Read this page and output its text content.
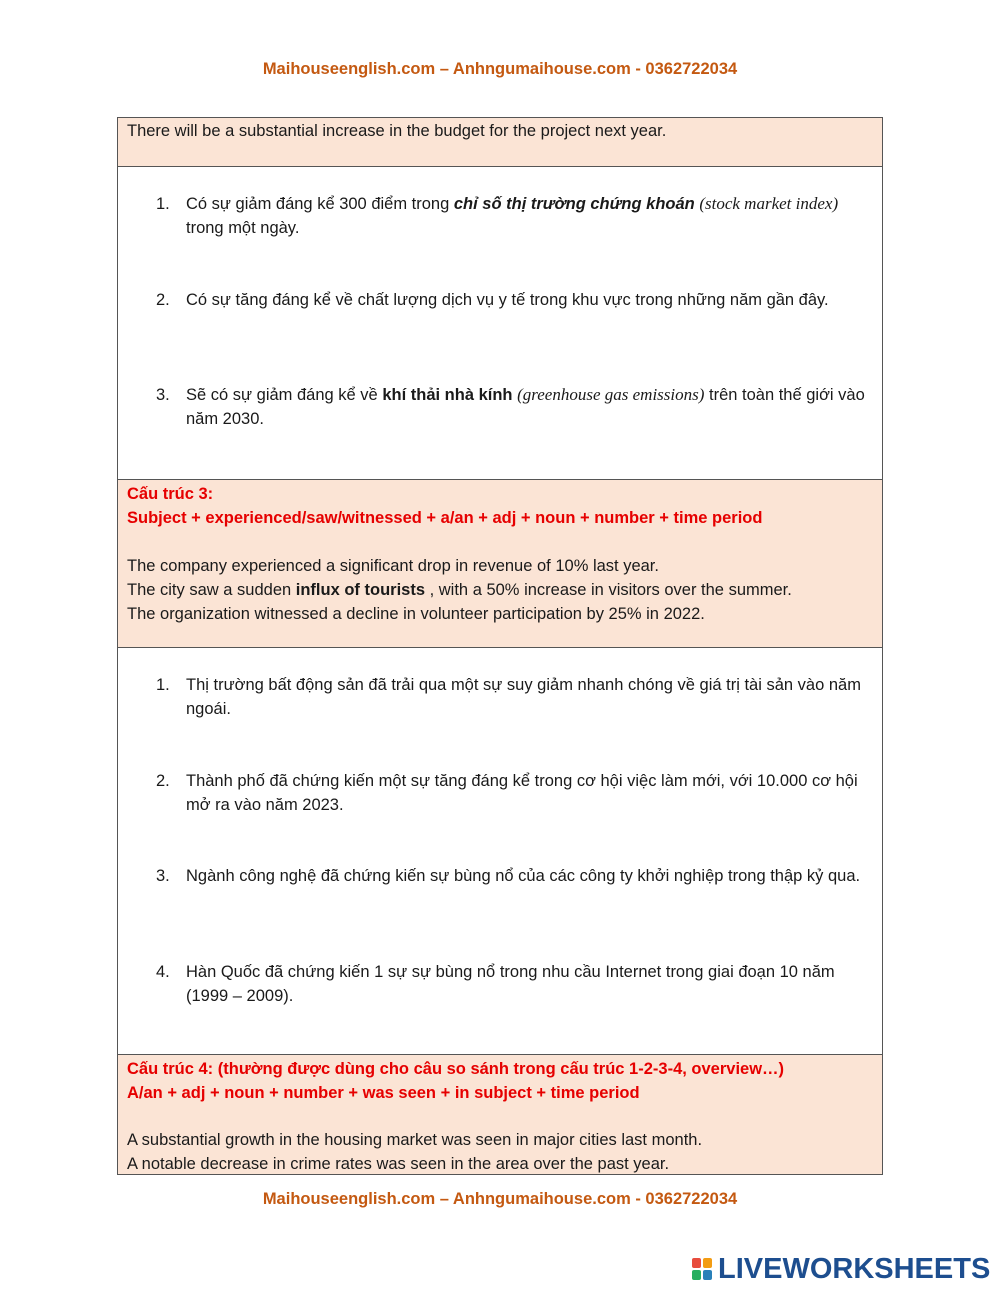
Maihouseenglish.com – Anhngumaihouse.com - 0362722034
There will be a substantial increase in the budget for the project next year.
1. Có sự giảm đáng kể 300 điểm trong chỉ số thị trường chứng khoán (stock market index) trong một ngày.
2. Có sự tăng đáng kể về chất lượng dịch vụ y tế trong khu vực trong những năm gần đây.
3. Sẽ có sự giảm đáng kể về khí thải nhà kính (greenhouse gas emissions) trên toàn thế giới vào năm 2030.
Cấu trúc 3:
Subject + experienced/saw/witnessed + a/an + adj + noun + number + time period
The company experienced a significant drop in revenue of 10% last year.
The city saw a sudden influx of tourists , with a 50% increase in visitors over the summer.
The organization witnessed a decline in volunteer participation by 25% in 2022.
1. Thị trường bất động sản đã trải qua một sự suy giảm nhanh chóng về giá trị tài sản vào năm ngoái.
2. Thành phố đã chứng kiến một sự tăng đáng kể trong cơ hội việc làm mới, với 10.000 cơ hội mở ra vào năm 2023.
3. Ngành công nghệ đã chứng kiến sự bùng nổ của các công ty khởi nghiệp trong thập kỷ qua.
4. Hàn Quốc đã chứng kiến 1 sự sự bùng nổ trong nhu cầu Internet trong giai đoạn 10 năm (1999 – 2009).
Cấu trúc 4: (thường được dùng cho câu so sánh trong cấu trúc 1-2-3-4, overview…)
A/an + adj + noun + number + was seen + in subject + time period
A substantial growth in the housing market was seen in major cities last month.
A notable decrease in crime rates was seen in the area over the past year.
Maihouseenglish.com – Anhngumaihouse.com - 0362722034
LIVEWORKSHEETS
